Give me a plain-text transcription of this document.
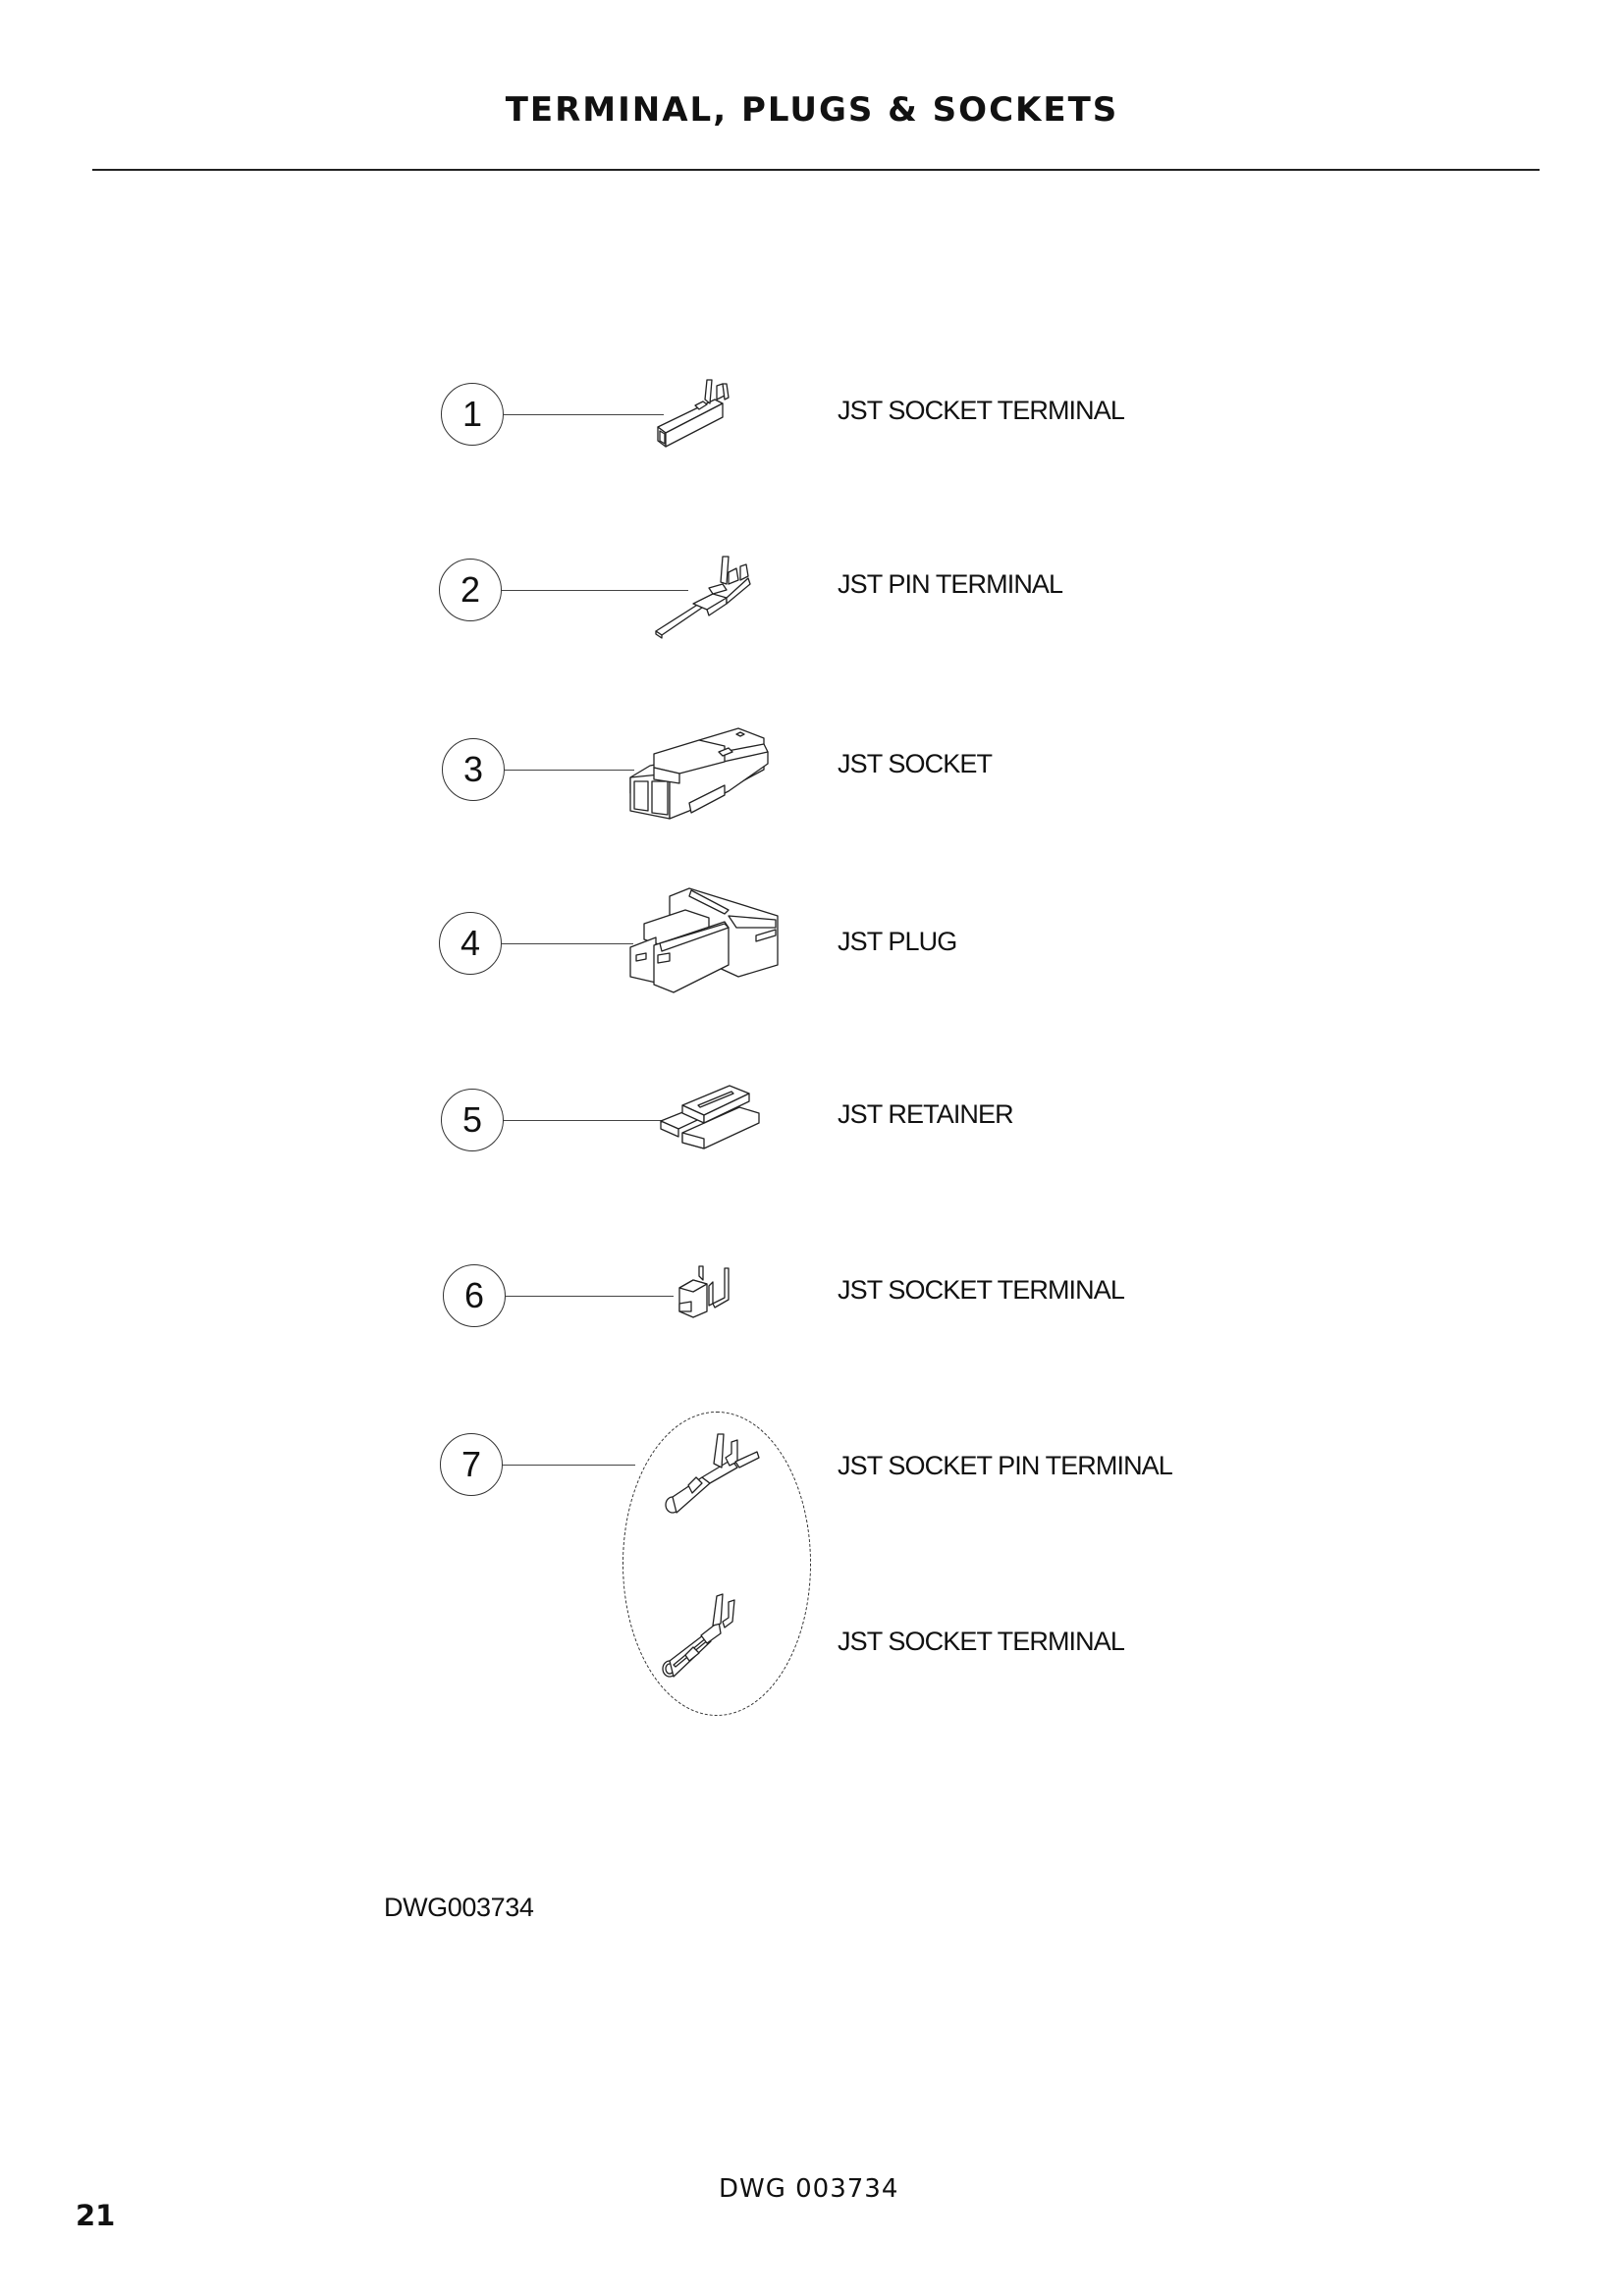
TERMINAL, PLUGS & SOCKETS
1	JST SOCKET TERMINAL
2	JST PIN TERMINAL
3	JST SOCKET
4	JST PLUG
5	JST RETAINER
6	JST SOCKET TERMINAL
7	JST SOCKET PIN TERMINAL
JST SOCKET TERMINAL
DWG003734
DWG 003734
21
